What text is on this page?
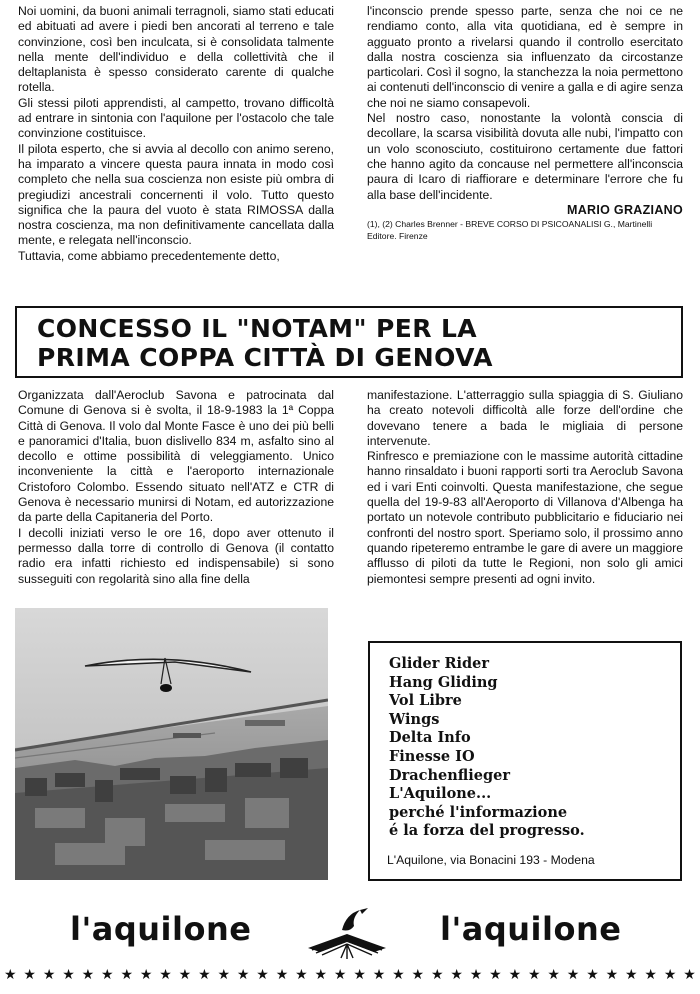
Noi uomini, da buoni animali terragnoli, siamo stati educati ed abituati ad avere i piedi ben ancorati al terreno e tale convinzione, così ben inculcata, si è consolidata talmente nella mente dell'individuo e della collettività che il deltaplanista è spesso considerato carente di qualche rotella.

Gli stessi piloti apprendisti, al campetto, trovano difficoltà ad entrare in sintonia con l'aquilone per l'ostacolo che tale convinzione costituisce.

Il pilota esperto, che si avvia al decollo con animo sereno, ha imparato a vincere questa paura innata in modo così completo che nella sua coscienza non esiste più ombra di pregiudizi ancestrali concernenti il volo. Tutto questo significa che la paura del vuoto è stata RIMOSSA dalla nostra coscienza, ma non definitivamente cancellata dalla mente, e relegata nell'inconscio.

Tuttavia, come abbiamo precedentemente detto,

l'inconscio prende spesso parte, senza che noi ce ne rendiamo conto, alla vita quotidiana, ed è sempre in agguato pronto a rivelarsi quando il controllo esercitato dalla nostra coscienza sia influenzato da circostanze particolari. Così il sogno, la stanchezza la noia permettono ai contenuti dell'inconscio di venire a galla e di agire senza che noi ne siamo consapevoli.

Nel nostro caso, nonostante la volontà conscia di decollare, la scarsa visibilità dovuta alle nubi, l'impatto con un volo sconosciuto, costituirono certamente due fattori che hanno agito da concause nel permettere all'inconscia paura di Icaro di riaffiorare e determinare l'errore che fu alla base dell'incidente.

MARIO GRAZIANO

(1), (2) Charles Brenner - BREVE CORSO DI PSICOANALISI G., Martinelli Editore. Firenze

CONCESSO IL "NOTAM" PER LA
PRIMA COPPA CITTÀ DI GENOVA

Organizzata dall'Aeroclub Savona e patrocinata dal Comune di Genova si è svolta, il 18-9-1983 la 1ª Coppa Città di Genova. Il volo dal Monte Fasce è uno dei più belli e panoramici d'Italia, buon dislivello 834 m, asfalto sino al decollo e ottime possibilità di veleggiamento. Unico inconveniente la città e l'aeroporto internazionale Cristoforo Colombo. Essendo situato nell'ATZ e CTR di Genova è necessario munirsi di Notam, ed autorizzazione da parte della Capitaneria del Porto.

I decolli iniziati verso le ore 16, dopo aver ottenuto il permesso dalla torre di controllo di Genova (il contatto radio era infatti richiesto ed indispensabile) si sono susseguiti con regolarità sino alla fine della

manifestazione. L'atterraggio sulla spiaggia di S. Giuliano ha creato notevoli difficoltà alle forze dell'ordine che dovevano tenere a bada le migliaia di persone intervenute.

Rinfresco e premiazione con le massime autorità cittadine hanno rinsaldato i buoni rapporti sorti tra Aeroclub Savona ed i vari Enti coinvolti. Questa manifestazione, che segue quella del 19-9-83 all'Aeroporto di Villanova d'Albenga ha portato un notevole contributo pubblicitario e fiduciario nei confronti del nostro sport. Speriamo solo, il prossimo anno quando ripeteremo entrambe le gare di avere un maggiore afflusso di piloti da tutte le Regioni, non solo gli amici piemontesi sempre presenti ad ogni invito.

Glider Rider
Hang Gliding
Vol Libre
Wings
Delta Info
Finesse IO
Drachenflieger
L'Aquilone...
perché l'informazione
é la forza del progresso.
L'Aquilone, via Bonacini 193 - Modena
l'aquilone	l'aquilone
★ ★ ★ ★ ★ ★ ★ ★ ★ ★ ★ ★ ★ ★ ★ ★ ★ ★ ★ ★ ★ ★ ★ ★ ★ ★ ★ ★ ★ ★ ★ ★ ★ ★ ★ ★
